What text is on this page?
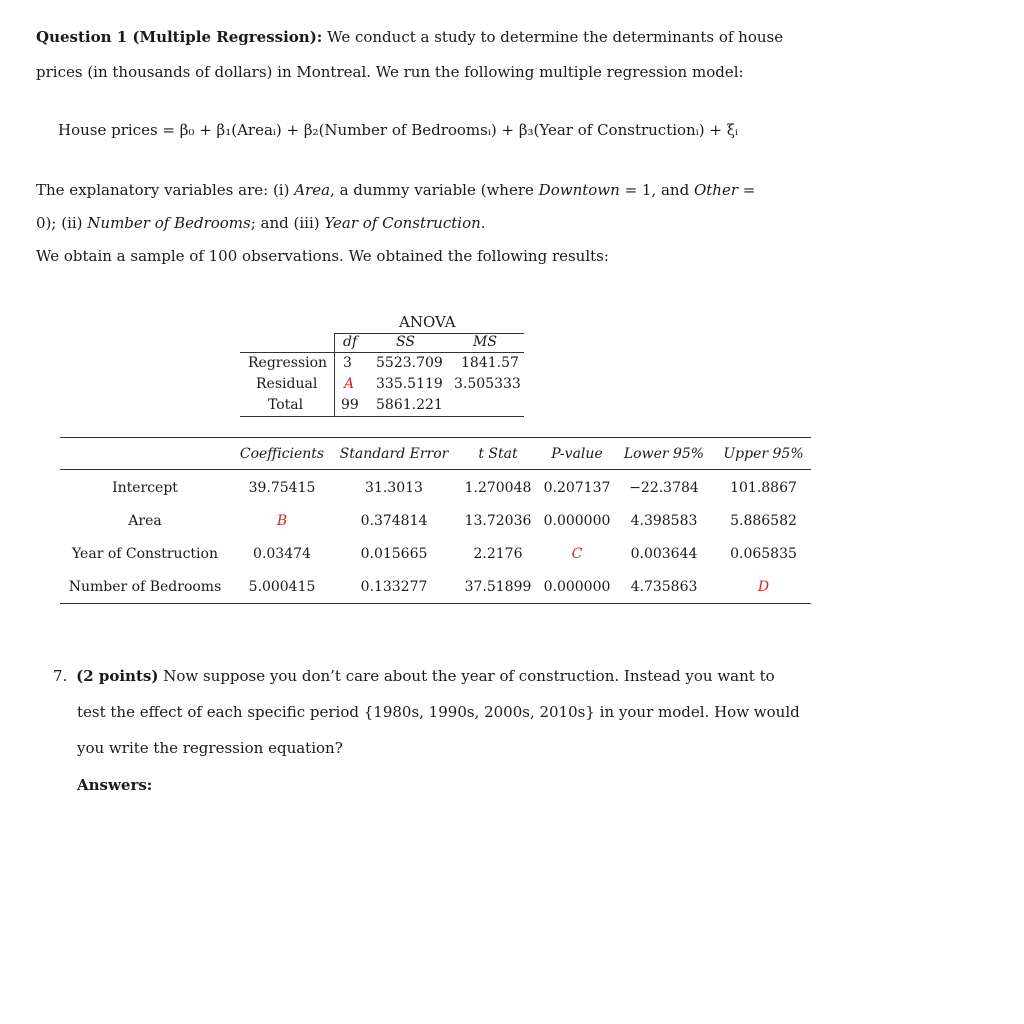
Question 1 (Multiple Regression): We conduct a study to determine the determinants of house
prices (in thousands of dollars) in Montreal. We run the following multiple regression model:
House prices = β₀ + β₁(Areaᵢ) + β₂(Number of Bedroomsᵢ) + β₃(Year of Constructionᵢ) + ξᵢ
The explanatory variables are: (i) Area, a dummy variable (where Downtown = 1, and Other =
0); (ii) Number of Bedrooms; and (iii) Year of Construction.
We obtain a sample of 100 observations. We obtained the following results:
ANOVA
df	SS	MS
Regression 3 5523.709 1841.57
Residual A 335.5119 3.505333
Total	99 5861.221
Coefficients	Standard Error	t Stat	P-value	Lower 95%	Upper 95%
Intercept	39.75415	31.3013	1.270048 0.207137	−22.3784	101.8867
Area	B	0.374814	13.72036 0.000000	4.398583	5.886582
Year of Construction	0.03474	0.015665	2.2176	C	0.003644	0.065835
Number of Bedrooms	5.000415	0.133277	37.51899 0.000000	4.735863	D
7. (2 points) Now suppose you don’t care about the year of construction. Instead you want to
test the effect of each specific period {1980s, 1990s, 2000s, 2010s} in your model. How would
you write the regression equation?
Answers:
